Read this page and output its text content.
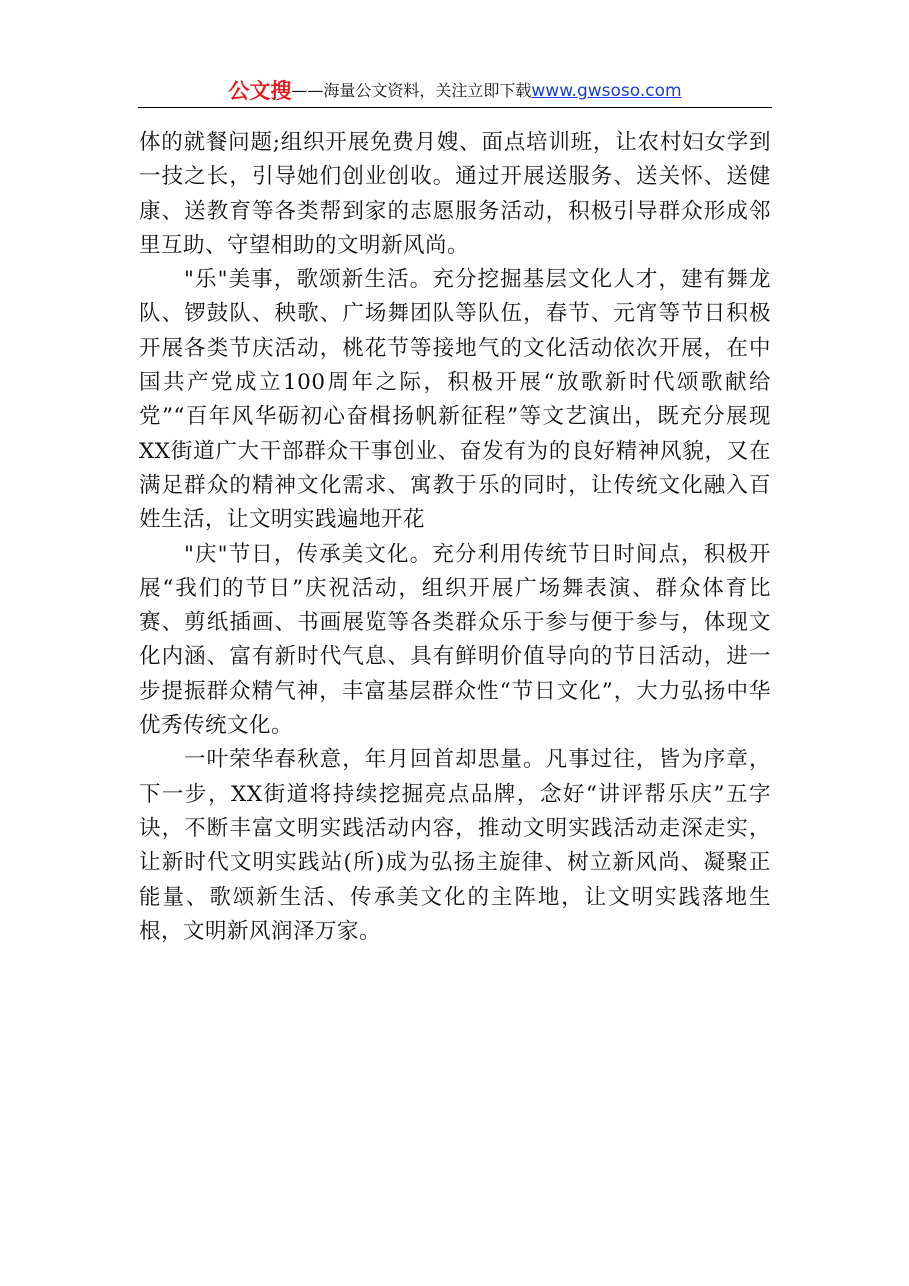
公文搜 ——海量公文资料，关注立即下载 www.gwsoso.com

体的就餐问题;组织开展免费月嫂、面点培训班，让农村妇女学到一技之长，引导她们创业创收。通过开展送服务、送关怀、送健康、送教育等各类帮到家的志愿服务活动，积极引导群众形成邻里互助、守望相助的文明新风尚。

"乐"美事，歌颂新生活。充分挖掘基层文化人才，建有舞龙队、锣鼓队、秧歌、广场舞团队等队伍，春节、元宵等节日积极开展各类节庆活动，桃花节等接地气的文化活动依次开展，在中国共产党成立100周年之际，积极开展“放歌新时代颂歌献给党”“百年风华砺初心奋楫扬帆新征程”等文艺演出，既充分展现XX街道广大干部群众干事创业、奋发有为的良好精神风貌，又在满足群众的精神文化需求、寓教于乐的同时，让传统文化融入百姓生活，让文明实践遍地开花

"庆"节日，传承美文化。充分利用传统节日时间点，积极开展“我们的节日”庆祝活动，组织开展广场舞表演、群众体育比赛、剪纸插画、书画展览等各类群众乐于参与便于参与，体现文化内涵、富有新时代气息、具有鲜明价值导向的节日活动，进一步提振群众精气神，丰富基层群众性“节日文化”，大力弘扬中华优秀传统文化。

一叶荣华春秋意，年月回首却思量。凡事过往，皆为序章，下一步，XX街道将持续挖掘亮点品牌，念好“讲评帮乐庆”五字诀，不断丰富文明实践活动内容，推动文明实践活动走深走实，让新时代文明实践站(所)成为弘扬主旋律、树立新风尚、凝聚正能量、歌颂新生活、传承美文化的主阵地，让文明实践落地生根，文明新风润泽万家。
